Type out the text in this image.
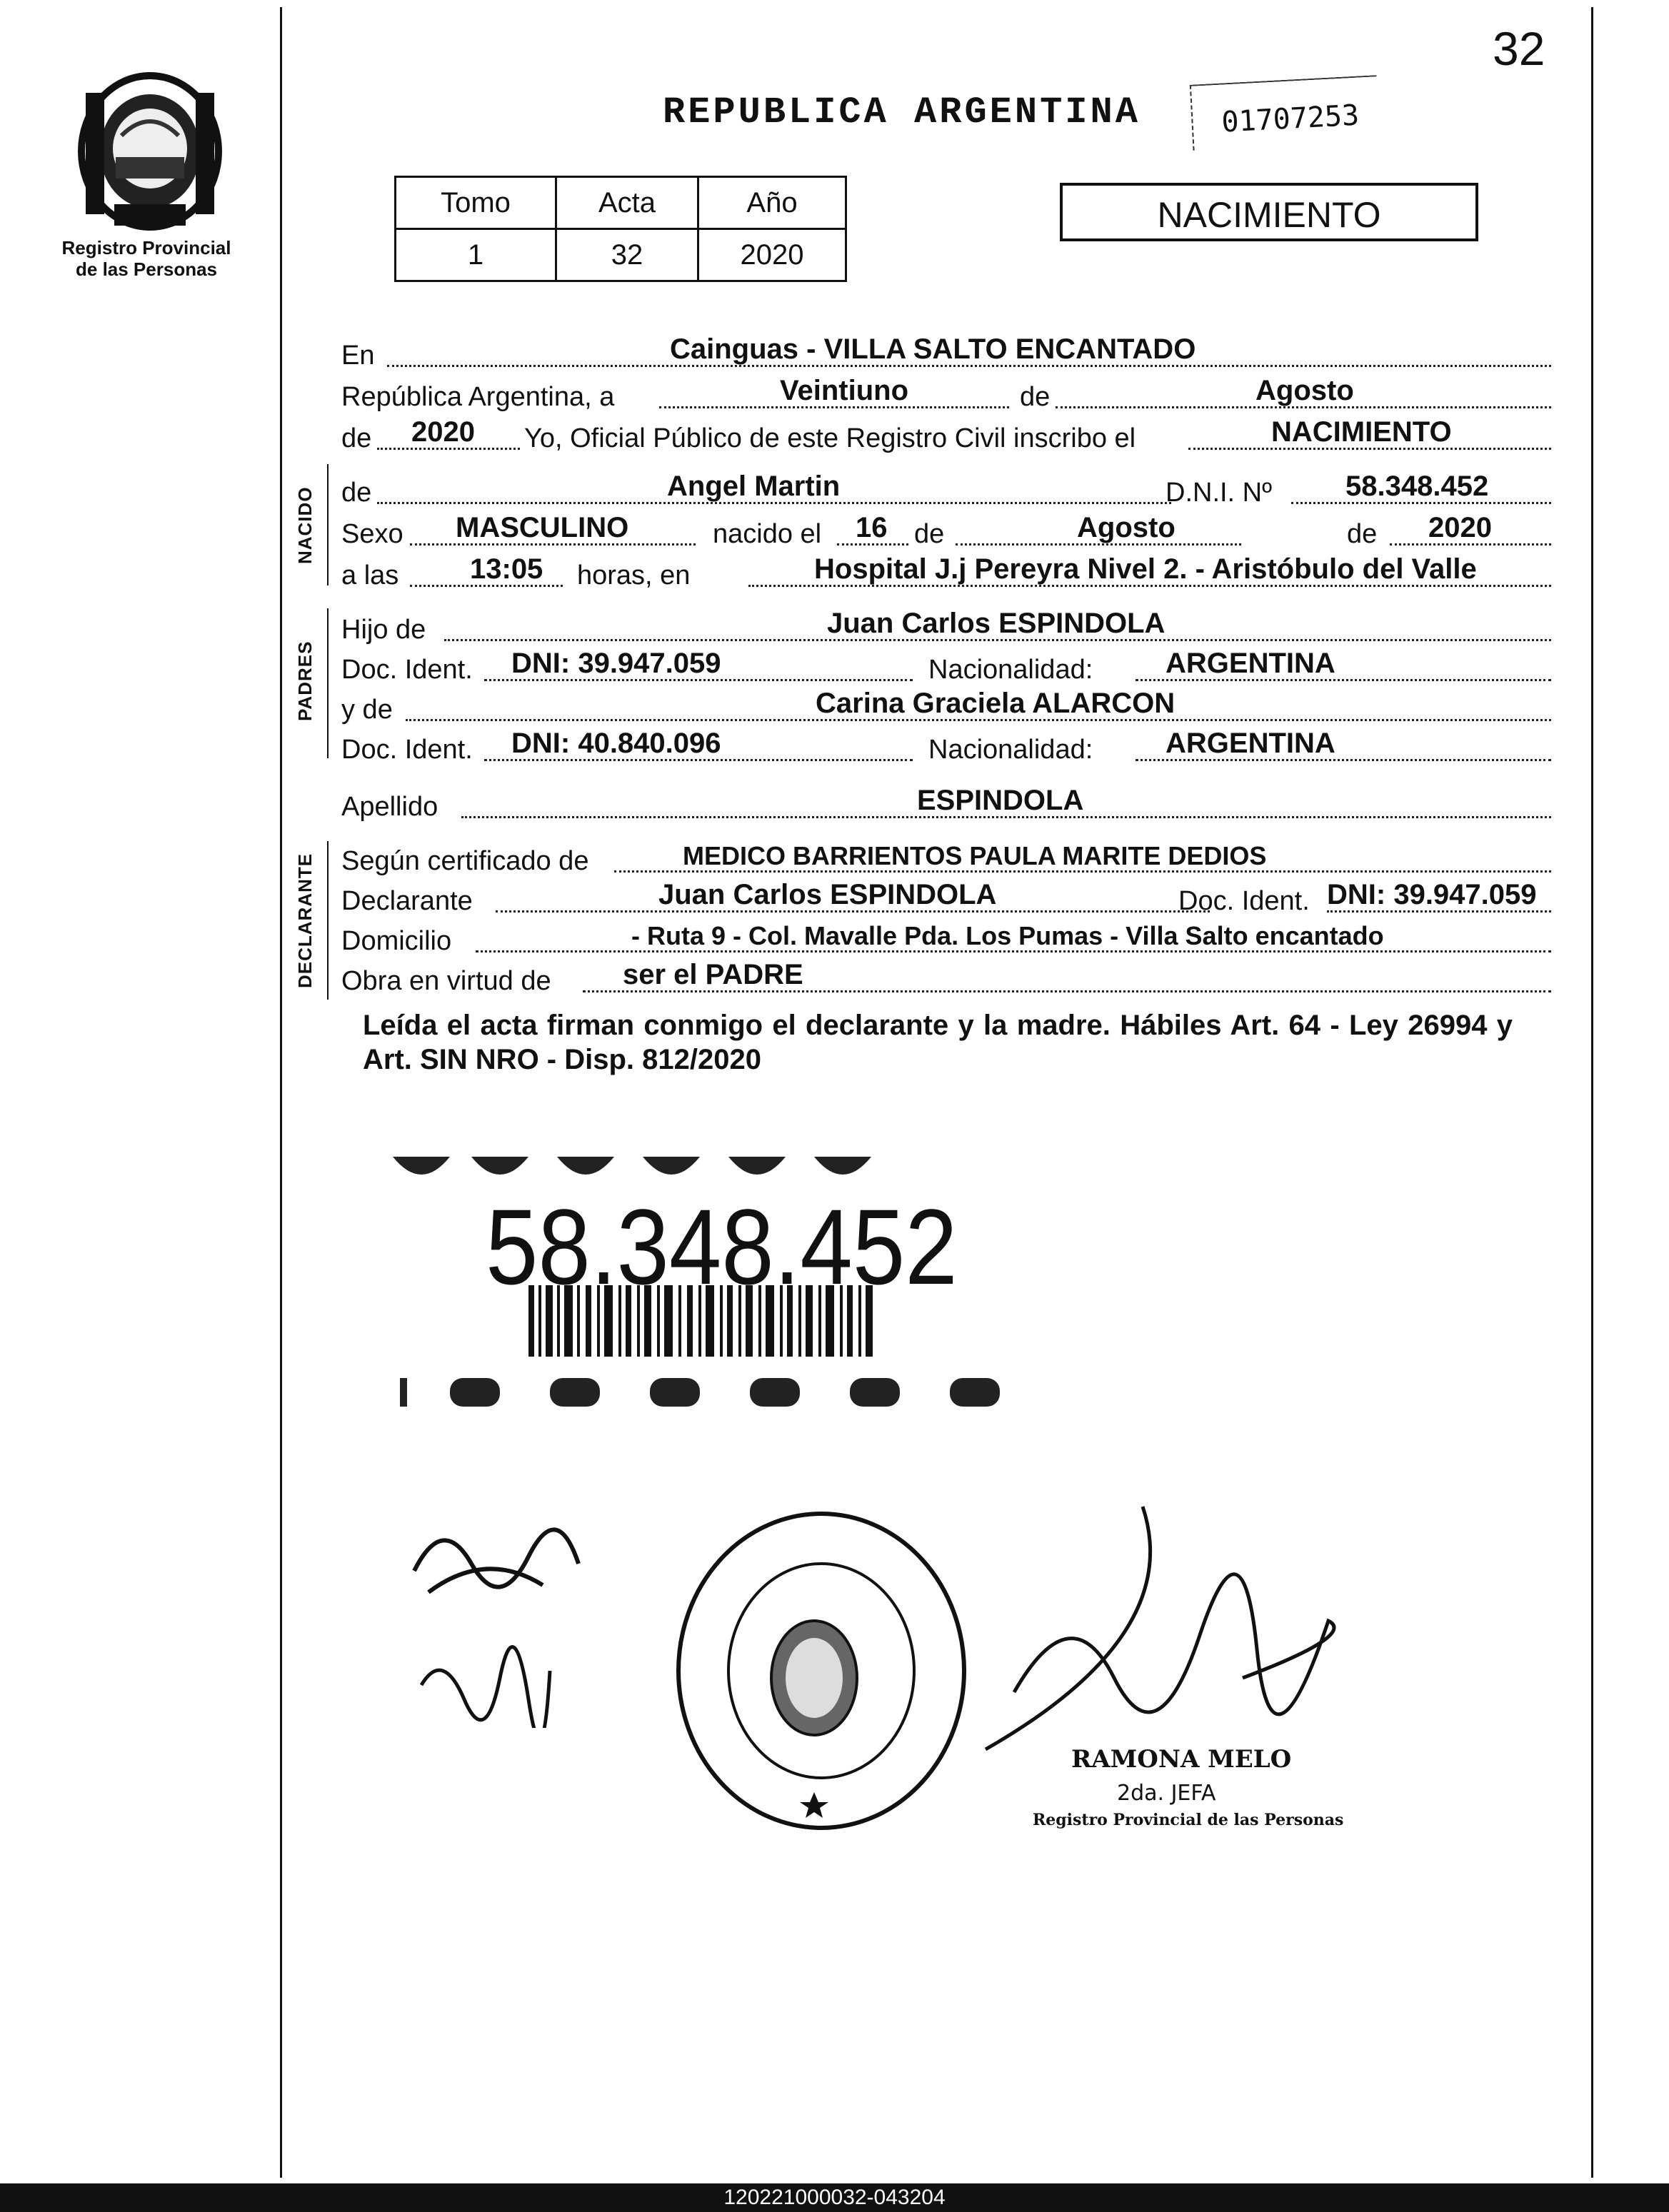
32
Registro Provincial
de las Personas
REPUBLICA ARGENTINA	01707253
Tomo	Acta	Año
1	32	2020
NACIMIENTO
NACIDO
PADRES
DECLARANTE
En	Cainguas - VILLA SALTO ENCANTADO
República Argentina, a	Veintiuno	de	Agosto
de 2020 Yo, Oficial Público de este Registro Civil inscribo el	NACIMIENTO
de	Angel Martin	D.N.I. Nº	58.348.452
Sexo MASCULINO	nacido el 16 de	Agosto	de 2020
a las 13:05 horas, en	Hospital J.j Pereyra Nivel 2. - Aristóbulo del Valle
Hijo de	Juan Carlos ESPINDOLA
Doc. Ident. DNI: 39.947.059	Nacionalidad:	ARGENTINA
y de	Carina Graciela ALARCON
Doc. Ident. DNI: 40.840.096	Nacionalidad:	ARGENTINA
Apellido	ESPINDOLA
Según certificado de	MEDICO BARRIENTOS PAULA MARITE DEDIOS
Declarante	Juan Carlos ESPINDOLA	Doc. Ident. DNI: 39.947.059
Domicilio	- Ruta 9 - Col. Mavalle Pda. Los Pumas - Villa Salto encantado
Obra en virtud de	ser el PADRE
Leída el acta firman conmigo el declarante y la madre. Hábiles Art. 64 - Ley 26994 y Art. SIN NRO - Disp. 812/2020
58.348.452
RAMONA MELO
2da. JEFA
Registro Provincial de las Personas
120221000032-043204
